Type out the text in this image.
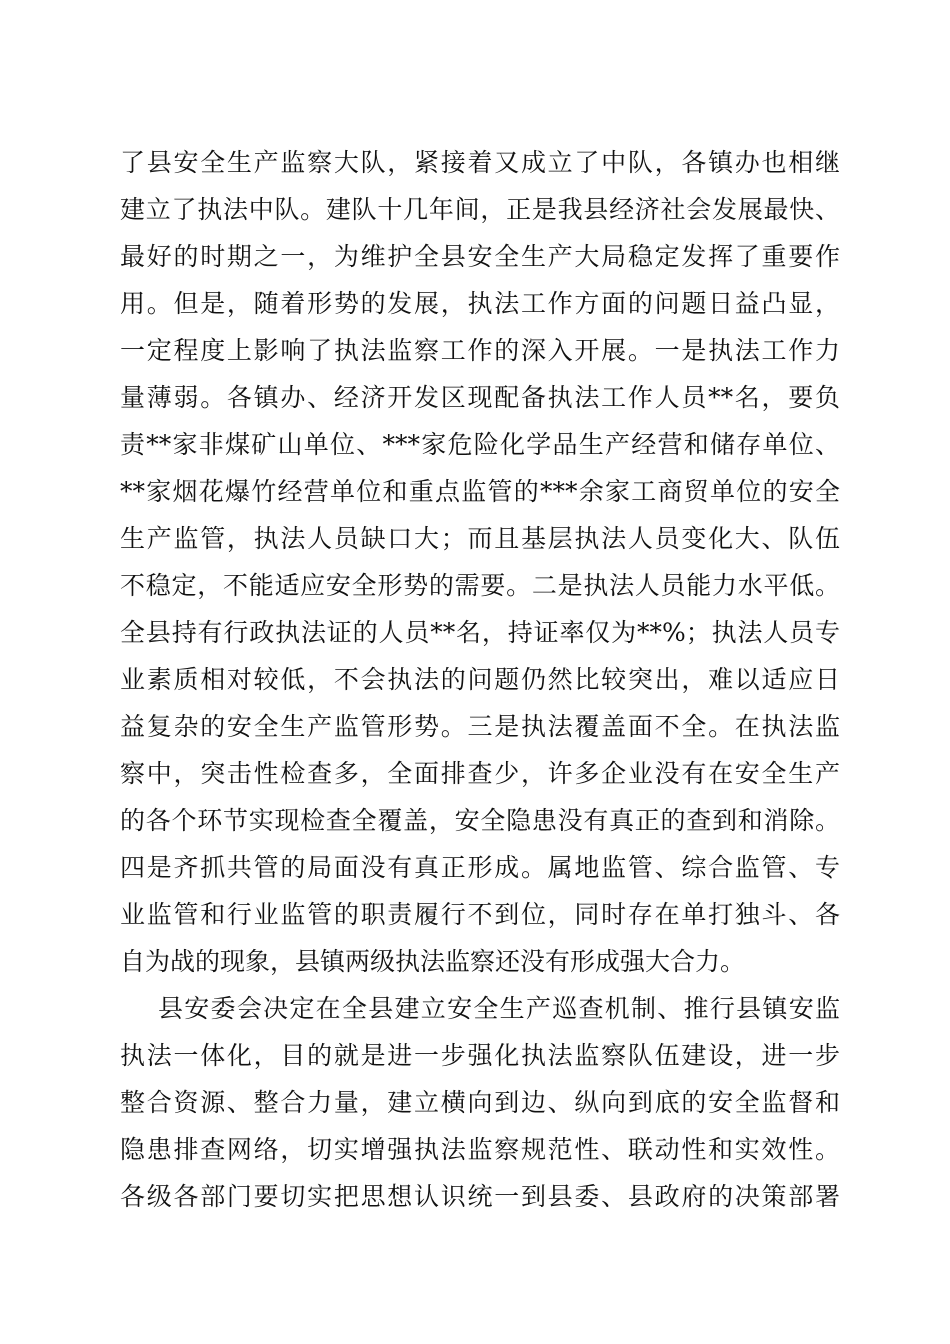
了县安全生产监察大队，紧接着又成立了中队，各镇办也相继
建立了执法中队。建队十几年间，正是我县经济社会发展最快、
最好的时期之一，为维护全县安全生产大局稳定发挥了重要作
用。但是，随着形势的发展，执法工作方面的问题日益凸显，
一定程度上影响了执法监察工作的深入开展。一是执法工作力
量薄弱。各镇办、经济开发区现配备执法工作人员**名，要负
责**家非煤矿山单位、***家危险化学品生产经营和储存单位、
**家烟花爆竹经营单位和重点监管的***余家工商贸单位的安全
生产监管，执法人员缺口大；而且基层执法人员变化大、队伍
不稳定，不能适应安全形势的需要。二是执法人员能力水平低。
全县持有行政执法证的人员**名，持证率仅为**%；执法人员专
业素质相对较低，不会执法的问题仍然比较突出，难以适应日
益复杂的安全生产监管形势。三是执法覆盖面不全。在执法监
察中，突击性检查多，全面排查少，许多企业没有在安全生产
的各个环节实现检查全覆盖，安全隐患没有真正的查到和消除。
四是齐抓共管的局面没有真正形成。属地监管、综合监管、专
业监管和行业监管的职责履行不到位，同时存在单打独斗、各
自为战的现象，县镇两级执法监察还没有形成强大合力。
县安委会决定在全县建立安全生产巡查机制、推行县镇安监
执法一体化，目的就是进一步强化执法监察队伍建设，进一步
整合资源、整合力量，建立横向到边、纵向到底的安全监督和
隐患排查网络，切实增强执法监察规范性、联动性和实效性。
各级各部门要切实把思想认识统一到县委、县政府的决策部署
